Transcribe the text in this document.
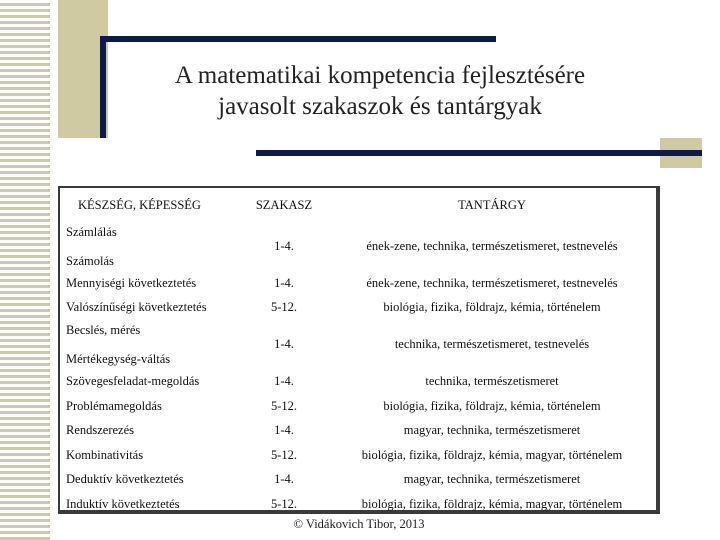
A matematikai kompetencia fejlesztésére
javasolt szakaszok és tantárgyak
KÉSZSÉG, KÉPESSÉG	SZAKASZ	TANTÁRGY

Számlálás
Számolás	1-4.	ének-zene, technika, természetismeret, testnevelés
Mennyiségi következtetés	1-4.	ének-zene, technika, természetismeret, testnevelés
Valószínűségi következtetés	5-12.	biológia, fizika, földrajz, kémia, történelem

Becslés, mérés
Mértékegység-váltás	1-4.	technika, természetismeret, testnevelés
Szövegesfeladat-megoldás	1-4.	technika, természetismeret
Problémamegoldás	5-12.	biológia, fizika, földrajz, kémia, történelem
Rendszerezés	1-4.	magyar, technika, természetismeret
Kombinativitás	5-12.	biológia, fizika, földrajz, kémia, magyar, történelem
Deduktív következtetés	1-4.	magyar, technika, természetismeret
Induktív következtetés	5-12.	biológia, fizika, földrajz, kémia, magyar, történelem
© Vidákovich Tibor, 2013
